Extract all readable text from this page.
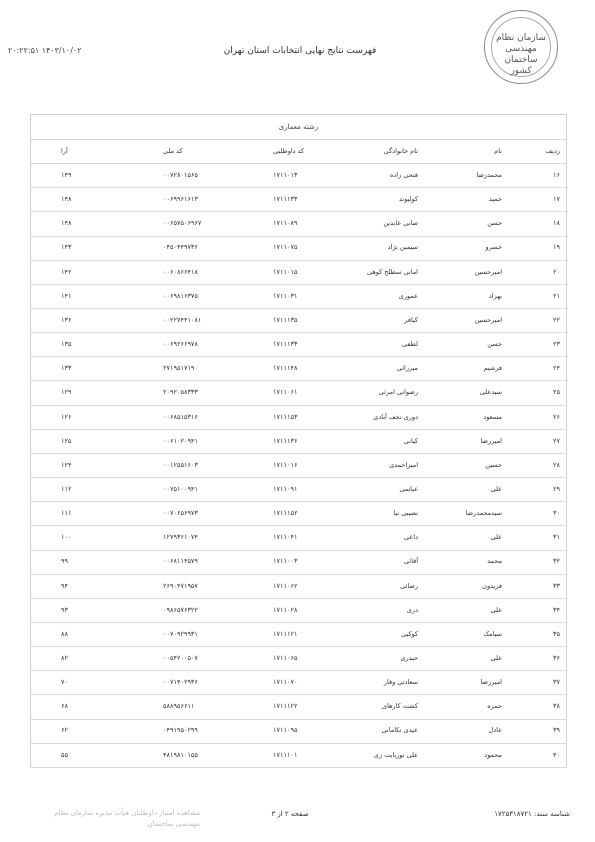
۱۴۰۳/۱۰/۰۲ ۲۰:۲۲:۵۱	فهرست نتایج نهایی انتخابات استان تهران
سازمان نظام مهندسی ساختمان کشور
رشته معماری
ردیف
نام
نام خانوادگی
کد داوطلبی
کد ملی
آرا
۱۶
محمدرضا
فتحی زاده
۱۷۱۱۰۱۳
۰۰۷۲۸۰۱۵۶۵
۱۴۹
۱۷
حمید
کولیوند
۱۷۱۱۱۳۳
۰۰۶۹۹۶۱۶۱۳
۱۴۸
۱۸
حسن
صابی عابدین
۱۷۱۱۰۸۹
۰۰۶۵۷۵۰۶۹۶۷
۱۴۸
۱۹
خسرو
سیمین نژاد
۱۷۱۱۰۷۵
۰۴۵۰۴۴۹۷۳۶
۱۴۳
۲۰
امیرحسین
امانی سطلح کوهی
۱۷۱۱۰۱۵
۰۰۶۰۸۶۶۴۱۸
۱۴۲
۲۱
بهزاد
عموری
۱۷۱۱۰۳۱
۰۰۶۹۸۱۶۳۷۵
۱۴۱
۲۲
امیرحسین
کیافر
۱۷۱۱۱۳۵
۰۰۲۲۷۴۴۱۰۸۱
۱۳۶
۲۳
حسن
لطفی
۱۷۱۱۱۳۳
۰۰۶۹۲۶۶۹۷۸
۱۳۵
۲۴
فرشیم
میرزائی
۱۷۱۱۱۴۸
۲۷۱۹۵۱۷۱۹۰
۱۳۳
۲۵
سیدعلی
رضوانی امرئی
۱۷۱۱۰۶۱
۲۰۹۲۰۵۸۳۳۳
۱۲۹
۲۶
مسعود
دوری نجف آبادی
۱۷۱۱۱۵۳
۰۰۶۸۵۱۵۳۱۶
۱۲۶
۲۷
امیررضا
کیانی
۱۷۱۱۱۳۶
۰۰۶۱۰۲۰۹۴۱
۱۲۵
۲۸
حسین
امیراحمدی
۱۷۱۱۰۱۶
۰۰۱۲۵۵۱۶۰۳
۱۲۴
۲۹
علی
عباسی
۱۷۱۱۰۹۱
۰۰۷۵۱۰۰۹۴۱
۱۱۲
۳۰
سیدمحمدرضا
نصیبی نیا
۱۷۱۱۱۵۲
۰۰۷۰۶۵۶۹۷۳
۱۱۱
۳۱
علی
داعی
۱۷۱۱۰۴۱
۱۲۷۹۳۶۱۰۷۴
۱۰۰
۳۲
محمد
آقائی
۱۷۱۱۰۰۳
۰۰۶۸۱۱۴۵۷۹
۹۹
۳۳
فریدون
رضائی
۱۷۱۱۰۶۲
۲۶۹۰۴۷۱۹۵۷
۹۴
۳۴
علی
دری
۱۷۱۱۰۲۸
۰۹۸۶۵۷۶۳۲۲
۹۳
۳۵
سیامک
کوکبی
۱۷۱۱۱۲۱
۰۰۷۰۹۲۹۹۳۱
۸۸
۳۶
علی
حیدری
۱۷۱۱۰۶۵
۰۰۵۴۲۰۰۵۰۷
۸۲
۳۷
امیررضا
سعادتی وقار
۱۷۱۱۰۷۰
۰۰۷۱۴۰۲۹۳۶
۷۰
۳۸
حمزه
کشت کارهای
۱۷۱۱۱۲۲
۵۸۸۹۵۶۶۱۱
۶۸
۳۹
عادل
عیدی نکامانی
۱۷۱۱۰۹۵
۰۴۹۱۹۵۰۲۹۹
۶۲
۴۰
محمود
علی نوربابت زی
۱۷۱۱۱۰۱
۴۸۱۹۸۱۰۱۵۵
۵۵
مشاهده امتیاز داوطلبان هیأت مدیره سازمان نظام مهندسی ساختمان
صفحه ۲ از ۳	شناسه سند: ۱۷۲۵۳۱۸۷۲۱
